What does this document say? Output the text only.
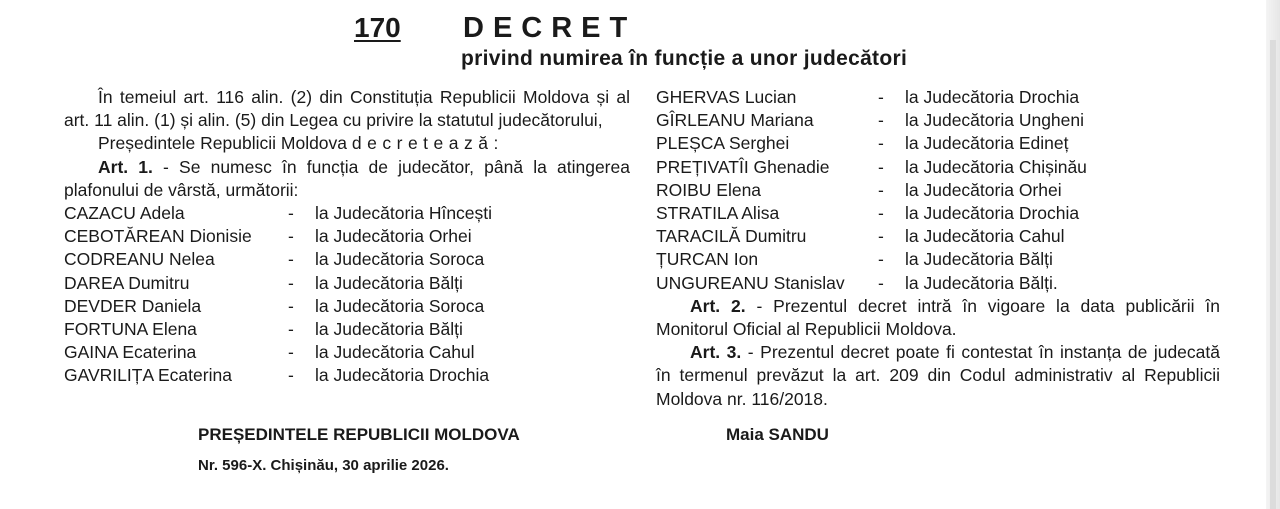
170 DECRET
privind numirea în funcție a unor judecători
În temeiul art. 116 alin. (2) din Constituția Republicii Moldova și al art. 11 alin. (1) și alin. (5) din Legea cu privire la statutul judecătorului,
Președintele Republicii Moldova decretează:
Art. 1. - Se numesc în funcția de judecător, până la atingerea plafonului de vârstă, următorii:
CAZACU Adela	-	la Judecătoria Hîncești
CEBOTĂREAN Dionisie	-	la Judecătoria Orhei
CODREANU Nelea	-	la Judecătoria Soroca
DAREA Dumitru	-	la Judecătoria Bălți
DEVDER Daniela	-	la Judecătoria Soroca
FORTUNA Elena	-	la Judecătoria Bălți
GAINA Ecaterina	-	la Judecătoria Cahul
GAVRILIȚA Ecaterina	-	la Judecătoria Drochia
GHERVAS Lucian	-	la Judecătoria Drochia
GÎRLEANU Mariana	-	la Judecătoria Ungheni
PLEȘCA Serghei	-	la Judecătoria Edineț
PREȚIVATÎI Ghenadie	-	la Judecătoria Chișinău
ROIBU Elena	-	la Judecătoria Orhei
STRATILA Alisa	-	la Judecătoria Drochia
TARACILĂ Dumitru	-	la Judecătoria Cahul
ȚURCAN Ion	-	la Judecătoria Bălți
UNGUREANU Stanislav	-	la Judecătoria Bălți.
Art. 2. - Prezentul decret intră în vigoare la data publicării în Monitorul Oficial al Republicii Moldova.
Art. 3. - Prezentul decret poate fi contestat în instanța de judecată în termenul prevăzut la art. 209 din Codul administrativ al Republicii Moldova nr. 116/2018.
PREȘEDINTELE REPUBLICII MOLDOVA	Maia SANDU
Nr. 596-X. Chișinău, 30 aprilie 2026.
